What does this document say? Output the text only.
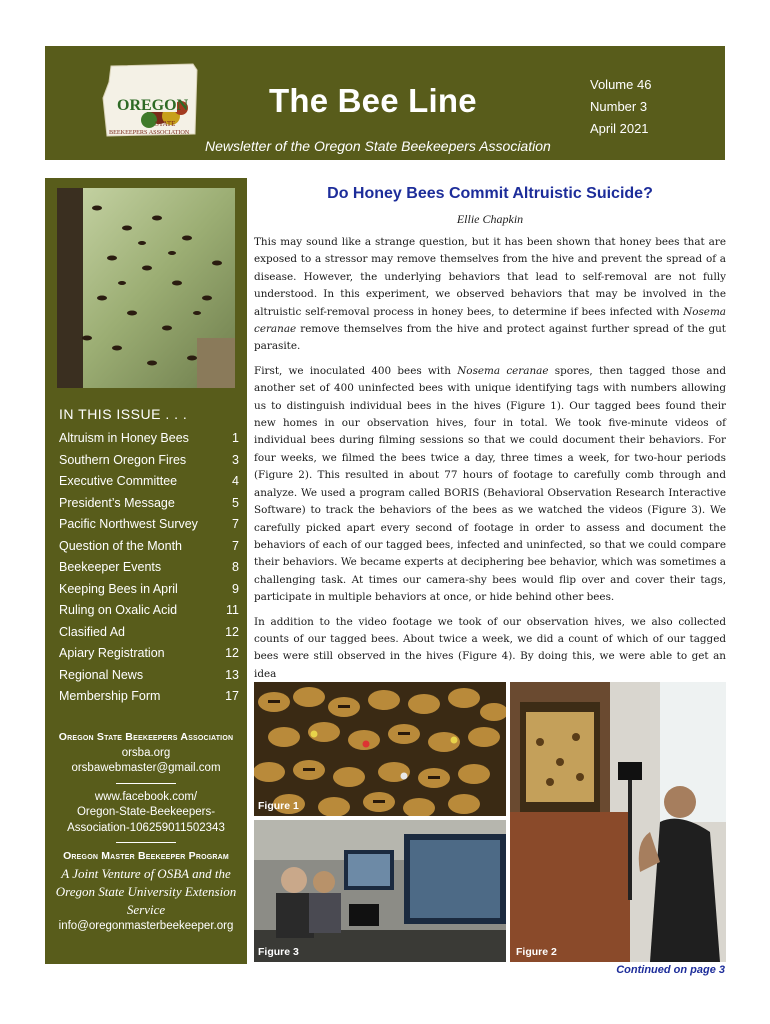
OREGON
STATE
BEEKEEPERS ASSOCIATION
The Bee Line	Volume 46
Number 3
April 2021
Newsletter of the Oregon State Beekeepers Association
IN THIS ISSUE . . .
Altruism in Honey Bees	1
Southern Oregon Fires	3
Executive Committee	4
President’s Message	5
Pacific Northwest Survey	7
Question of the Month	7
Beekeeper Events	8
Keeping Bees in April	9
Ruling on Oxalic Acid	11
Clasified Ad	12
Apiary Registration	12
Regional News	13
Membership Form	17
Oregon State Beekeepers Association
orsba.org
orsbawebmaster@gmail.com
www.facebook.com/
Oregon-State-Beekeepers-
Association-106259011502343
Oregon Master Beekeeper Program
A Joint Venture of OSBA and the
Oregon State University Extension Service
info@oregonmasterbeekeeper.org
Do Honey Bees Commit Altruistic Suicide?
Ellie Chapkin

This may sound like a strange question, but it has been shown that honey bees that are exposed to a stressor may remove themselves from the hive and prevent the spread of a disease. However, the underlying behaviors that lead to self-removal are not fully understood. In this experiment, we observed behaviors that may be involved in the altruistic self-removal process in honey bees, to determine if bees infected with Nosema ceranae remove themselves from the hive and protect against further spread of the gut parasite.

First, we inoculated 400 bees with Nosema ceranae spores, then tagged those and another set of 400 uninfected bees with unique identifying tags with numbers allowing us to distinguish individual bees in the hives (Figure 1). Our tagged bees found their new homes in our observation hives, four in total. We took five-minute videos of individual bees during filming sessions so that we could document their behaviors. For four weeks, we filmed the bees twice a day, three times a week, for two-hour periods (Figure 2). This resulted in about 77 hours of footage to carefully comb through and analyze. We used a program called BORIS (Behavioral Observation Research Interactive Software) to track the behaviors of the bees as we watched the videos (Figure 3). We carefully picked apart every second of footage in order to assess and document the behaviors of each of our tagged bees, infected and uninfected, so that we could compare their behaviors. We became experts at deciphering bee behavior, which was sometimes a challenging task. At times our camera-shy bees would flip over and cover their tags, participate in multiple behaviors at once, or hide behind other bees.

In addition to the video footage we took of our observation hives, we also collected counts of our tagged bees. About twice a week, we did a count of which of our tagged bees were still observed in the hives (Figure 4). By doing this, we were able to get an idea

Figure 1
Figure 3	Figure 2
Continued on page 3
